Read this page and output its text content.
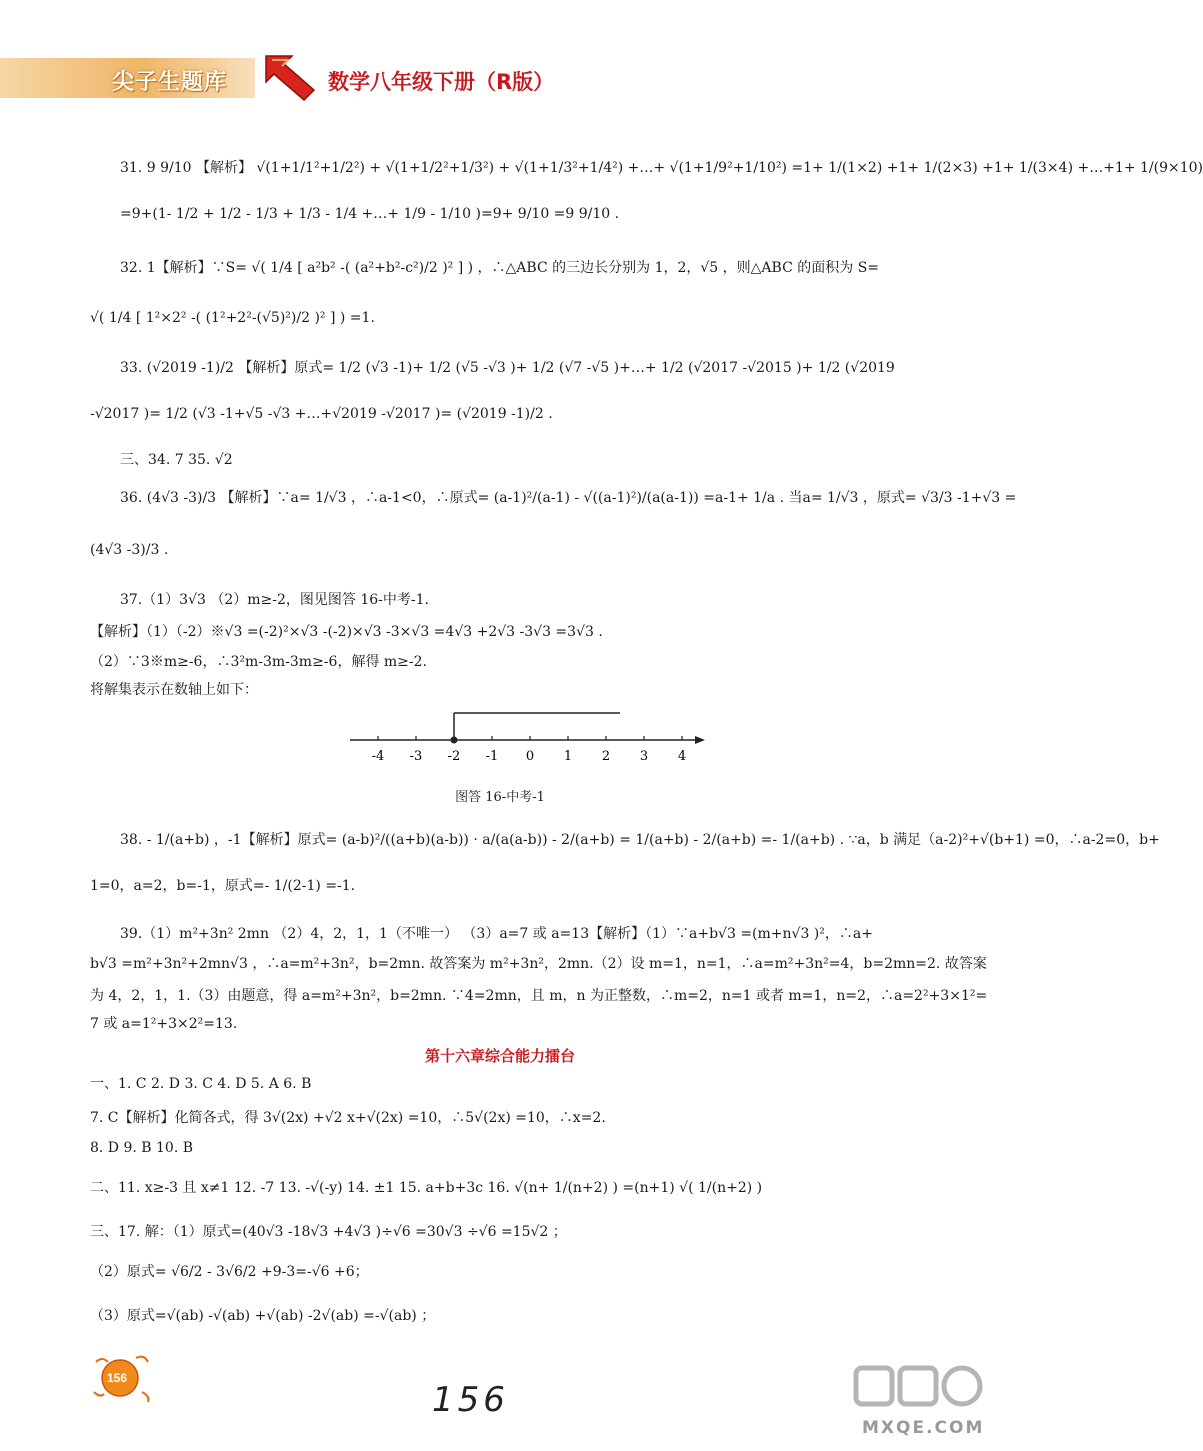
尖子生题库	数学八年级下册（R版）
31. 9 9/10 【解析】 √(1+1/1²+1/2²) + √(1+1/2²+1/3²) + √(1+1/3²+1/4²) +…+ √(1+1/9²+1/10²) =1+ 1/(1×2) +1+ 1/(2×3) +1+ 1/(3×4) +…+1+ 1/(9×10)
=9+(1- 1/2 + 1/2 - 1/3 + 1/3 - 1/4 +…+ 1/9 - 1/10 )=9+ 9/10 =9 9/10 .
32. 1【解析】∵S= √( 1/4 [ a²b² -( (a²+b²-c²)/2 )² ] ) ，∴△ABC 的三边长分别为 1，2，√5 ，则△ABC 的面积为 S=
√( 1/4 [ 1²×2² -( (1²+2²-(√5)²)/2 )² ] ) =1.
33. (√2019 -1)/2 【解析】原式= 1/2 (√3 -1)+ 1/2 (√5 -√3 )+ 1/2 (√7 -√5 )+…+ 1/2 (√2017 -√2015 )+ 1/2 (√2019
-√2017 )= 1/2 (√3 -1+√5 -√3 +…+√2019 -√2017 )= (√2019 -1)/2 .
三、34. 7 35. √2
36. (4√3 -3)/3 【解析】∵a= 1/√3 ，∴a-1<0，∴原式= (a-1)²/(a-1) - √((a-1)²)/(a(a-1)) =a-1+ 1/a . 当a= 1/√3 ，原式= √3/3 -1+√3 =
(4√3 -3)/3 .
37.（1）3√3 （2）m≥-2，图见图答 16-中考-1.
【解析】（1）（-2）※√3 =(-2)²×√3 -(-2)×√3 -3×√3 =4√3 +2√3 -3√3 =3√3 .
（2）∵3※m≥-6，∴3²m-3m-3m≥-6，解得 m≥-2.
将解集表示在数轴上如下：
-4 -3 -2 -1 0 1 2 3 4
图答 16-中考-1
38. - 1/(a+b) ，-1【解析】原式= (a-b)²/((a+b)(a-b)) · a/(a(a-b)) - 2/(a+b) = 1/(a+b) - 2/(a+b) =- 1/(a+b) . ∵a，b 满足（a-2)²+√(b+1) =0，∴a-2=0，b+
1=0，a=2，b=-1，原式=- 1/(2-1) =-1.
39.（1）m²+3n² 2mn （2）4，2，1，1（不唯一） （3）a=7 或 a=13【解析】（1）∵a+b√3 =(m+n√3 )²，∴a+
b√3 =m²+3n²+2mn√3 ，∴a=m²+3n²，b=2mn. 故答案为 m²+3n²，2mn.（2）设 m=1，n=1，∴a=m²+3n²=4，b=2mn=2. 故答案
为 4，2，1，1.（3）由题意，得 a=m²+3n²，b=2mn. ∵4=2mn，且 m，n 为正整数，∴m=2，n=1 或者 m=1，n=2，∴a=2²+3×1²=
7 或 a=1²+3×2²=13.
第十六章综合能力擂台
一、1. C 2. D 3. C 4. D 5. A 6. B
7. C【解析】化简各式，得 3√(2x) +√2 x+√(2x) =10，∴5√(2x) =10，∴x=2.
8. D 9. B 10. B
二、11. x≥-3 且 x≠1 12. -7 13. -√(-y) 14. ±1 15. a+b+3c 16. √(n+ 1/(n+2) ) =(n+1) √( 1/(n+2) )
三、17. 解：（1）原式=(40√3 -18√3 +4√3 )÷√6 =30√3 ÷√6 =15√2 ；
（2）原式= √6/2 - 3√6/2 +9-3=-√6 +6；
（3）原式=√(ab) -√(ab) +√(ab) -2√(ab) =-√(ab) ；
156
156
MXQE.COM
